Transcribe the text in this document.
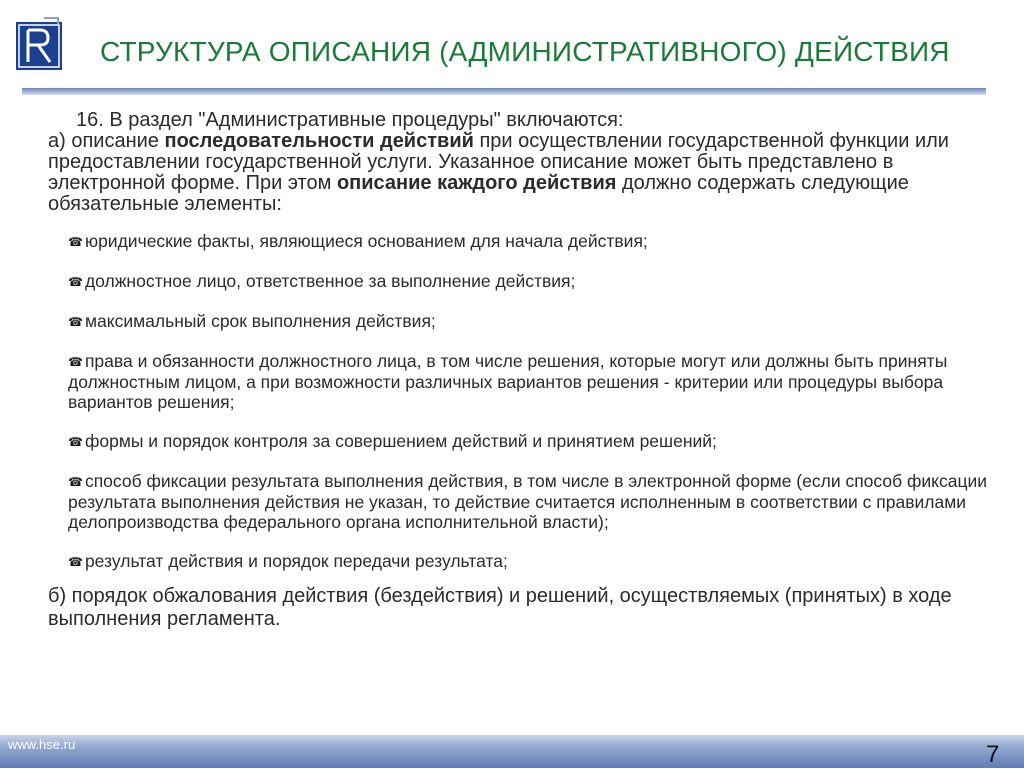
СТРУКТУРА ОПИСАНИЯ (АДМИНИСТРАТИВНОГО) ДЕЙСТВИЯ

16. В раздел "Административные процедуры" включаются:

а) описание последовательности действий при осуществлении государственной функции или предоставлении государственной услуги. Указанное описание может быть представлено в электронной форме. При этом описание каждого действия должно содержать следующие обязательные элементы:

☎ юридические факты, являющиеся основанием для начала действия;
☎ должностное лицо, ответственное за выполнение действия;
☎ максимальный срок выполнения действия;
☎ права и обязанности должностного лица, в том числе решения, которые могут или должны быть приняты должностным лицом, а при возможности различных вариантов решения - критерии или процедуры выбора вариантов решения;
☎ формы и порядок контроля за совершением действий и принятием решений;
☎ способ фиксации результата выполнения действия, в том числе в электронной форме (если способ фиксации результата выполнения действия не указан, то действие считается исполненным в соответствии с правилами делопроизводства федерального органа исполнительной власти);
☎ результат действия и порядок передачи результата;
б) порядок обжалования действия (бездействия) и решений, осуществляемых (принятых) в ходе выполнения регламента.
www.hse.ru	7
